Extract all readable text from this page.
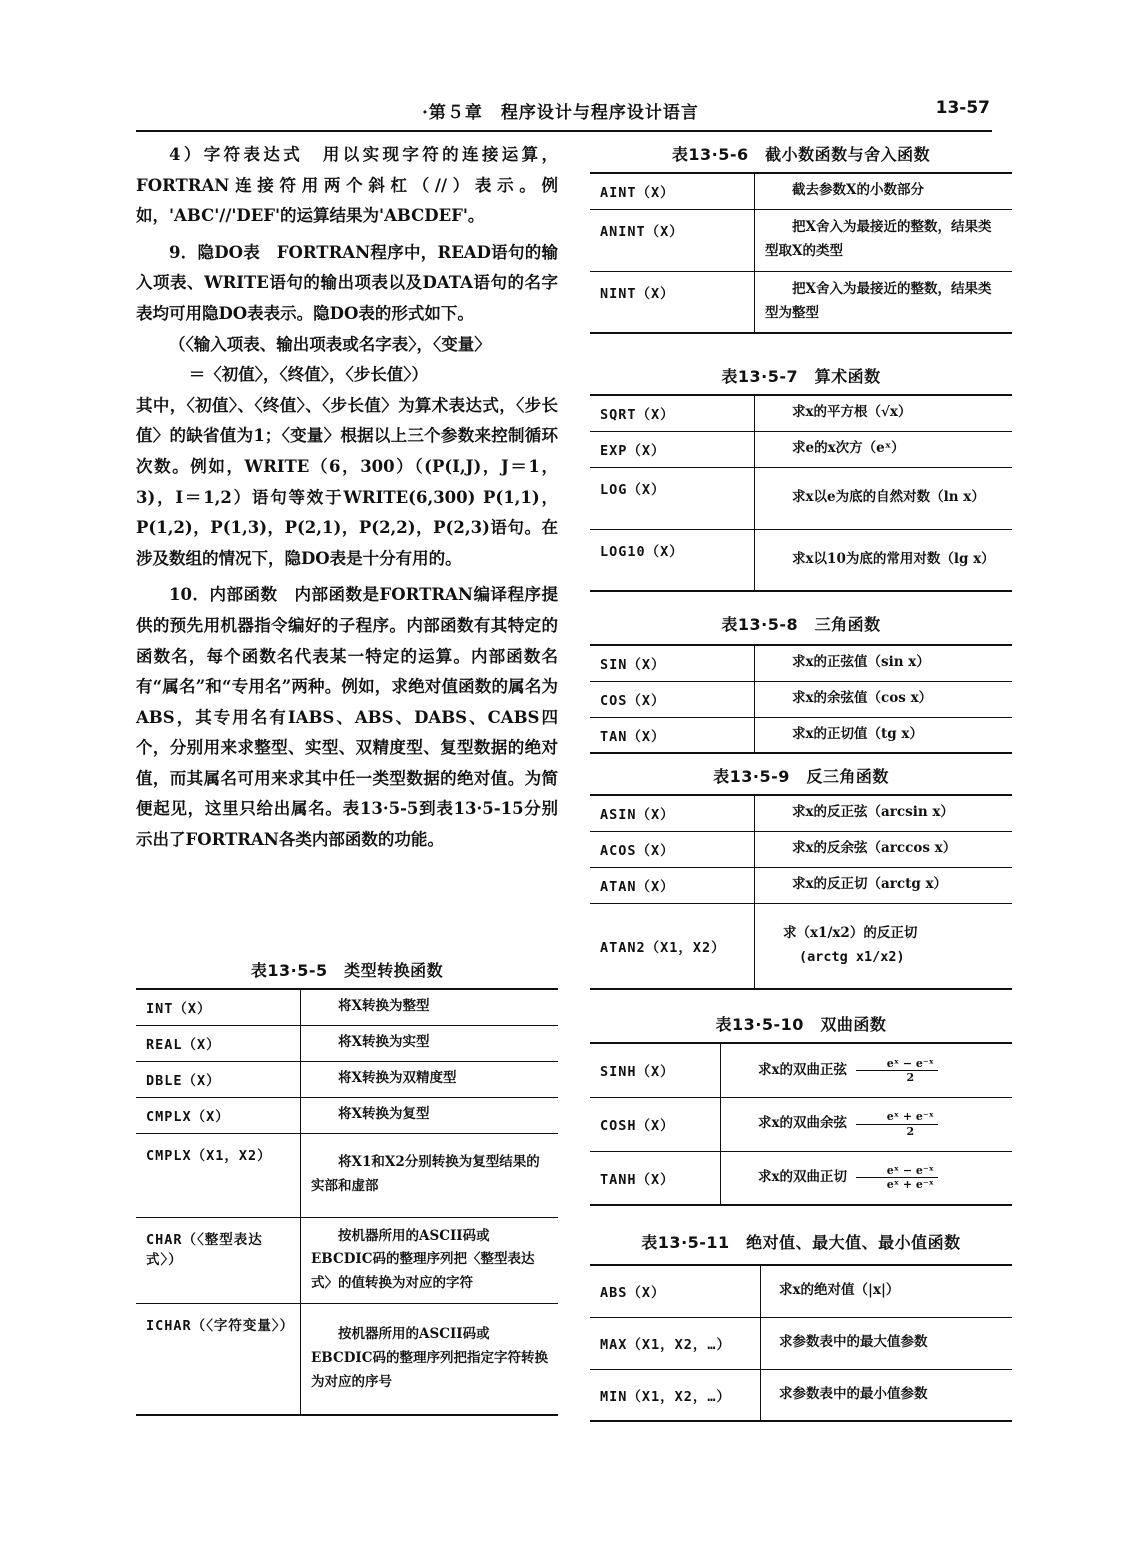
·第５章　程序设计与程序设计语言	13-57

4）字符表达式　用以实现字符的连接运算，FORTRAN连接符用两个斜杠（//）表示。例如，'ABC'//'DEF'的运算结果为'ABCDEF'。

9．隐DO表　FORTRAN程序中，READ语句的输入项表、WRITE语句的输出项表以及DATA语句的名字表均可用隐DO表表示。隐DO表的形式如下。

（〈输入项表、输出项表或名字表〉，〈变量〉

＝〈初值〉，〈终值〉，〈步长值〉）

其中，〈初值〉、〈终值〉、〈步长值〉为算术表达式，〈步长值〉的缺省值为1；〈变量〉根据以上三个参数来控制循环次数。例如，WRITE（6，300）（(P(I,J)，J＝1，3)，I＝1,2）语句等效于WRITE(6,300) P(1,1)，P(1,2)，P(1,3)，P(2,1)，P(2,2)，P(2,3)语句。在涉及数组的情况下，隐DO表是十分有用的。

10．内部函数　内部函数是FORTRAN编译程序提供的预先用机器指令编好的子程序。内部函数有其特定的函数名，每个函数名代表某一特定的运算。内部函数名有“属名”和“专用名”两种。例如，求绝对值函数的属名为ABS，其专用名有IABS、ABS、DABS、CABS四个，分别用来求整型、实型、双精度型、复型数据的绝对值，而其属名可用来求其中任一类型数据的绝对值。为简便起见，这里只给出属名。表13·5-5到表13·5-15分别示出了FORTRAN各类内部函数的功能。

表13·5-5　类型转换函数
INT（X）	将X转换为整型
REAL（X）	将X转换为实型
DBLE（X）	将X转换为双精度型
CMPLX（X）	将X转换为复型
CMPLX（X1，X2）	将X1和X2分别转换为复型结果的实部和虚部
CHAR（〈整型表达式〉）	按机器所用的ASCII码或EBCDIC码的整理序列把〈整型表达式〉的值转换为对应的字符
ICHAR（〈字符变量〉）	按机器所用的ASCII码或EBCDIC码的整理序列把指定字符转换为对应的序号
表13·5-6　截小数函数与舍入函数
AINT（X）	截去参数X的小数部分
ANINT（X）	把X舍入为最接近的整数，结果类型取X的类型
NINT（X）	把X舍入为最接近的整数，结果类型为整型
表13·5-7　算术函数
SQRT（X）	求x的平方根（√x）
EXP（X）	求e的x次方（eˣ）
LOG（X）	求x以e为底的自然对数（ln x）
LOG10（X）	求x以10为底的常用对数（lg x）
表13·5-8　三角函数
SIN（X）	求x的正弦值（sin x）
COS（X）	求x的余弦值（cos x）
TAN（X）	求x的正切值（tg x）
表13·5-9　反三角函数
ASIN（X）	求x的反正弦（arcsin x）
ACOS（X）	求x的反余弦（arccos x）
ATAN（X）	求x的反正切（arctg x）
ATAN2（X1，X2）	求（x1/x2）的反正切
(arctg x1/x2)
表13·5-10　双曲函数
SINH（X）	求x的双曲正弦 $\frac{\text{eˣ − e⁻ˣ}}{2}$

COSH（X）	求x的双曲余弦 $\frac{\text{eˣ + e⁻ˣ}}{2}$

TANH（X）	求x的双曲正切 $\frac{\text{eˣ − e⁻ˣ}}{\text{eˣ + e⁻ˣ}}$
表13·5-11　绝对值、最大值、最小值函数
ABS（X）	求x的绝对值（|x|）
MAX（X1，X2，…）	求参数表中的最大值参数
MIN（X1，X2，…）	求参数表中的最小值参数
